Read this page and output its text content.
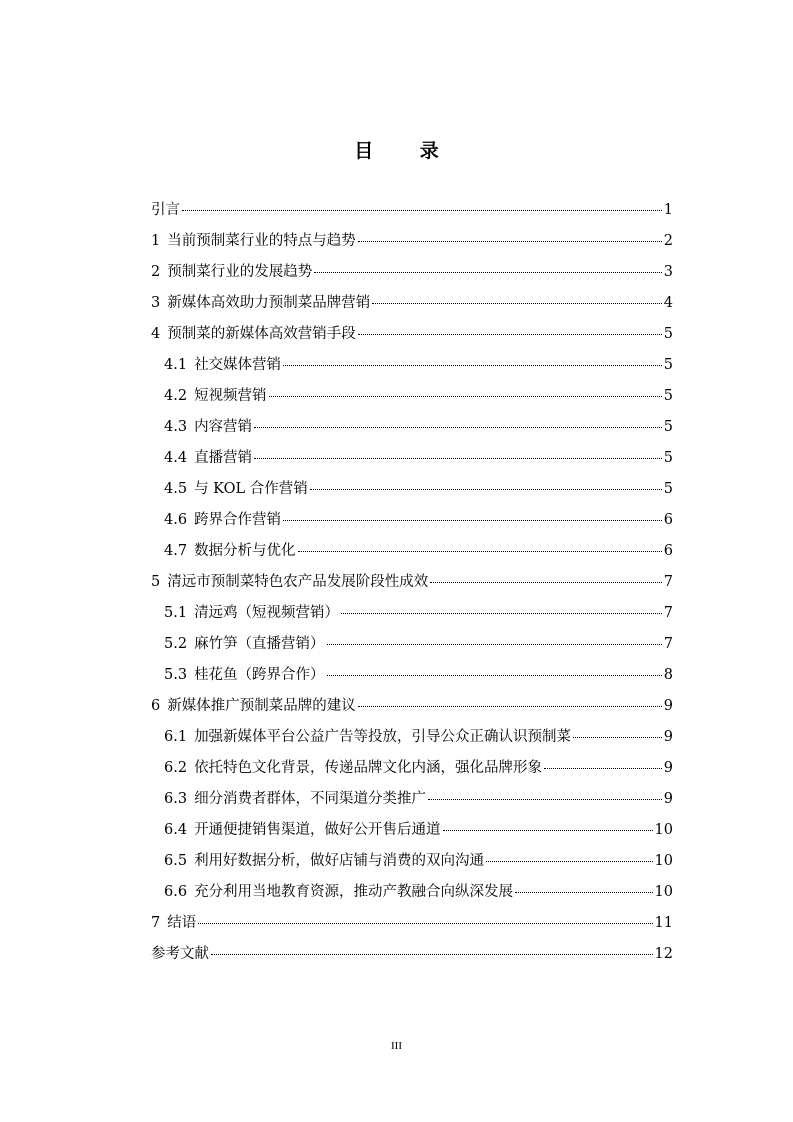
目 录
引言	1
1 当前预制菜行业的特点与趋势	2
2 预制菜行业的发展趋势	3
3 新媒体高效助力预制菜品牌营销	4
4 预制菜的新媒体高效营销手段	5
4.1 社交媒体营销	5
4.2 短视频营销	5
4.3 内容营销	5
4.4 直播营销	5
4.5 与 KOL 合作营销	5
4.6 跨界合作营销	6
4.7 数据分析与优化	6
5 清远市预制菜特色农产品发展阶段性成效	7
5.1 清远鸡（短视频营销）	7
5.2 麻竹笋（直播营销）	7
5.3 桂花鱼（跨界合作）	8
6 新媒体推广预制菜品牌的建议	9
6.1 加强新媒体平台公益广告等投放，引导公众正确认识预制菜	9
6.2 依托特色文化背景，传递品牌文化内涵，强化品牌形象	9
6.3 细分消费者群体，不同渠道分类推广	9
6.4 开通便捷销售渠道，做好公开售后通道	10
6.5 利用好数据分析，做好店铺与消费的双向沟通	10
6.6 充分利用当地教育资源，推动产教融合向纵深发展	10
7 结语	11
参考文献	12
III
